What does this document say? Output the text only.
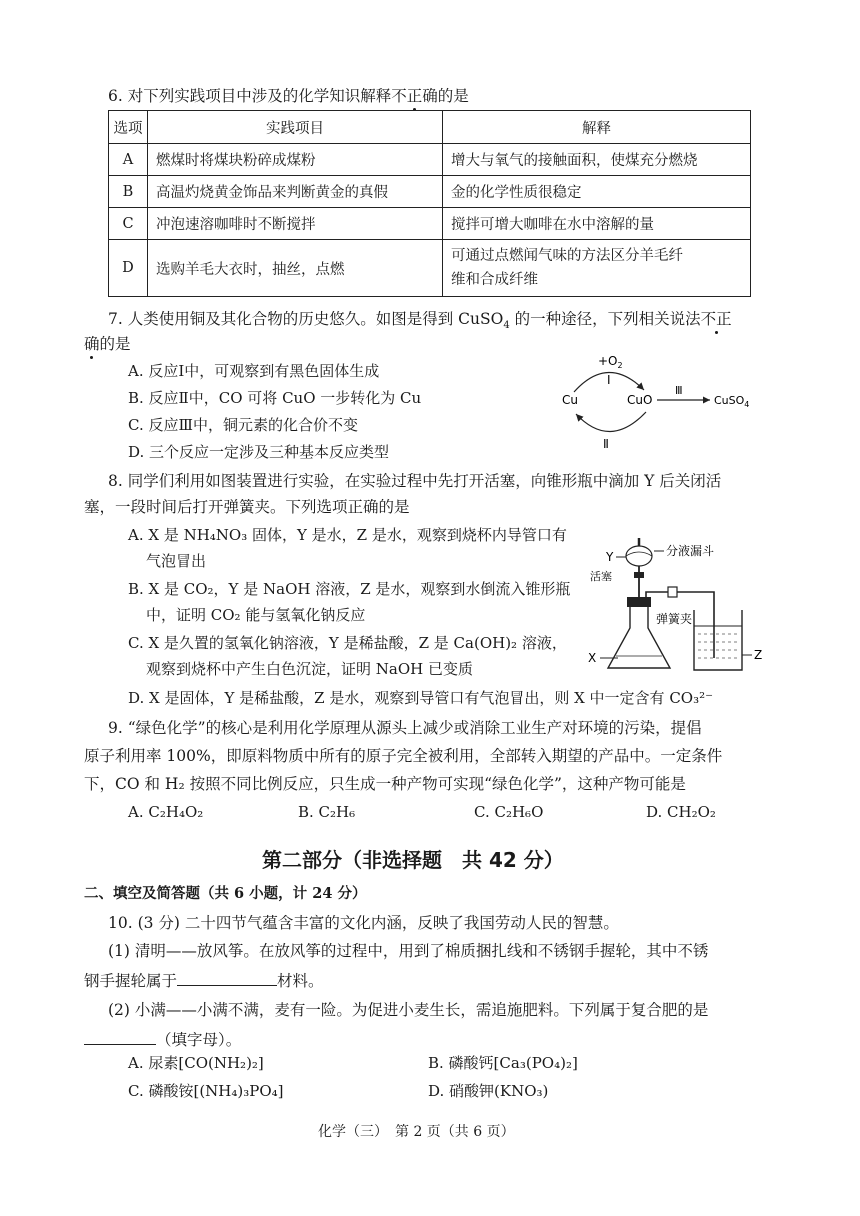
6. 对下列实践项目中涉及的化学知识解释不正确的是
选项	实践项目	解释
A	燃煤时将煤块粉碎成煤粉	增大与氧气的接触面积，使煤充分燃烧
B	高温灼烧黄金饰品来判断黄金的真假	金的化学性质很稳定
C	冲泡速溶咖啡时不断搅拌	搅拌可增大咖啡在水中溶解的量
D	选购羊毛大衣时，抽丝，点燃	可通过点燃闻气味的方法区分羊毛纤
维和合成纤维
7. 人类使用铜及其化合物的历史悠久。如图是得到 CuSO$_4$ 的一种途径，下列相关说法不正
确的是
A. 反应Ⅰ中，可观察到有黑色固体生成
B. 反应Ⅱ中，CO 可将 CuO 一步转化为 Cu
C. 反应Ⅲ中，铜元素的化合价不变
D. 三个反应一定涉及三种基本反应类型
$+O_2$
Ⅰ
Cu	CuO
Ⅲ
CuSO$_4$
Ⅱ
8. 同学们利用如图装置进行实验，在实验过程中先打开活塞，向锥形瓶中滴加 Y 后关闭活
塞，一段时间后打开弹簧夹。下列选项正确的是
A. X 是 NH₄NO₃ 固体，Y 是水，Z 是水，观察到烧杯内导管口有
气泡冒出
B. X 是 CO₂，Y 是 NaOH 溶液，Z 是水，观察到水倒流入锥形瓶
中，证明 CO₂ 能与氢氧化钠反应
C. X 是久置的氢氧化钠溶液，Y 是稀盐酸，Z 是 Ca(OH)₂ 溶液，
观察到烧杯中产生白色沉淀，证明 NaOH 已变质
D. X 是固体，Y 是稀盐酸，Z 是水，观察到导管口有气泡冒出，则 X 中一定含有 CO₃²⁻
Y	分液漏斗
活塞
X
弹簧夹
Z
9. “绿色化学”的核心是利用化学原理从源头上减少或消除工业生产对环境的污染，提倡
原子利用率 100%，即原料物质中所有的原子完全被利用，全部转入期望的产品中。一定条件
下，CO 和 H₂ 按照不同比例反应，只生成一种产物可实现“绿色化学”，这种产物可能是
A. C₂H₄O₂	B. C₂H₆	C. C₂H₆O	D. CH₂O₂
第二部分（非选择题　共 42 分）
二、填空及简答题（共 6 小题，计 24 分）
10. (3 分) 二十四节气蕴含丰富的文化内涵，反映了我国劳动人民的智慧。
(1) 清明——放风筝。在放风筝的过程中，用到了棉质捆扎线和不锈钢手握轮，其中不锈
钢手握轮属于	材料。
(2) 小满——小满不满，麦有一险。为促进小麦生长，需追施肥料。下列属于复合肥的是
（填字母）。
A. 尿素[CO(NH₂)₂]	B. 磷酸钙[Ca₃(PO₄)₂]
C. 磷酸铵[(NH₄)₃PO₄]	D. 硝酸钾(KNO₃)
化学（三）　第 2 页（共 6 页）
